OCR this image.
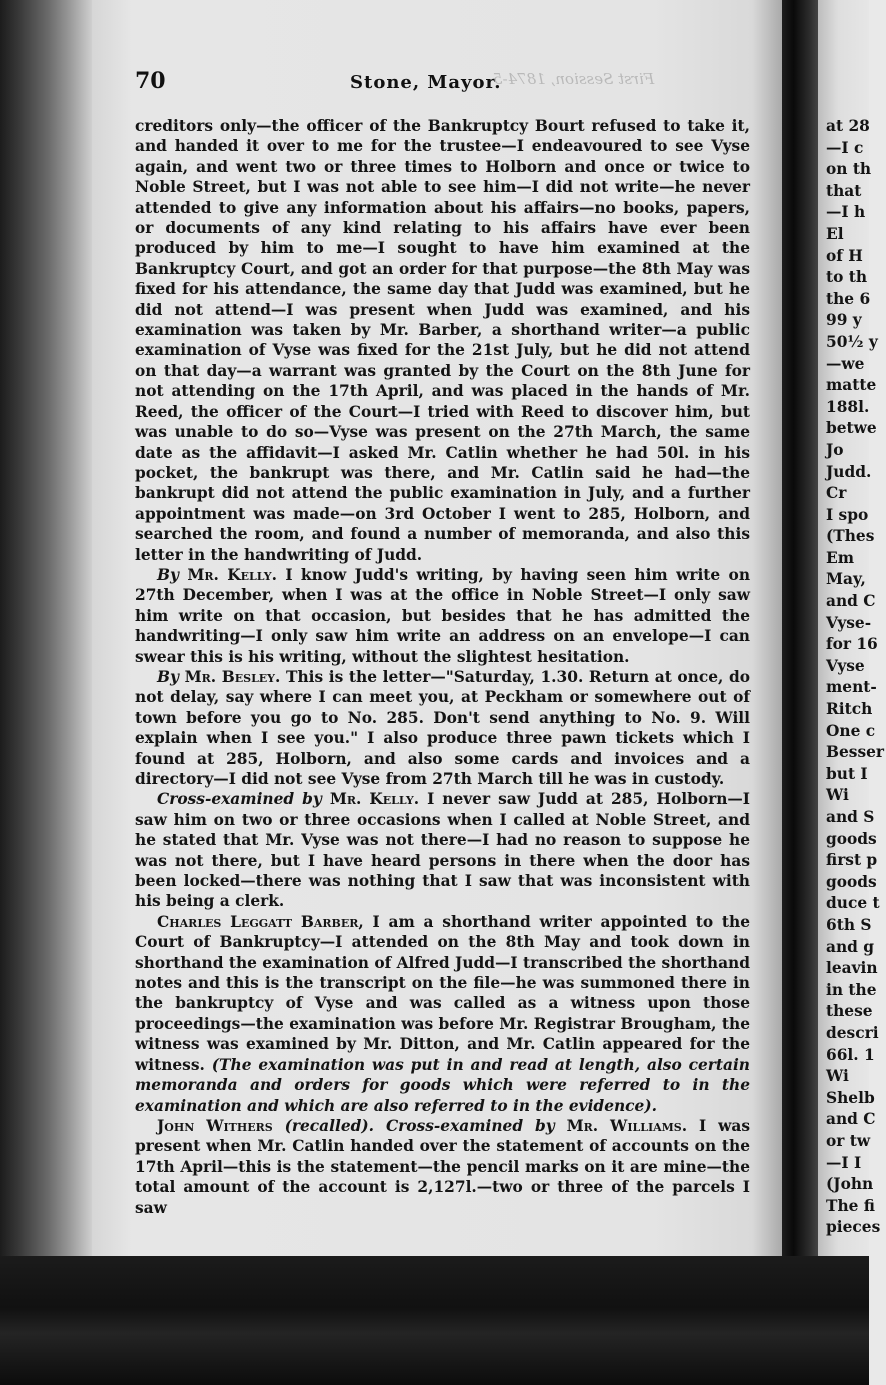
at 28
—I c
on th
that
—I h
El
of H
to th
the 6
99 y
50½ y
—we
matte
188l.
betwe
Jo
Judd.
Cr
I spo
(Thes
Em
May,
and C
Vyse-
for 16
Vyse
ment-
Ritch
One c
Besser
but I
Wi
and S
goods
first p
goods
duce t
6th S
and g
leavin
in the
these
descri
66l. 1
Wi
Shelb
and C
or tw
—I I
(John
The fi
pieces
70	Stone, Mayor.
First Session, 1874-5

creditors only—the officer of the Bankruptcy Bourt refused to take it, and handed it over to me for the trustee—I endeavoured to see Vyse again, and went two or three times to Holborn and once or twice to Noble Street, but I was not able to see him—I did not write—he never attended to give any information about his affairs—no books, papers, or documents of any kind relating to his affairs have ever been produced by him to me—I sought to have him examined at the Bankruptcy Court, and got an order for that purpose—the 8th May was fixed for his attendance, the same day that Judd was examined, but he did not attend—I was present when Judd was examined, and his examination was taken by Mr. Barber, a shorthand writer—a public examination of Vyse was fixed for the 21st July, but he did not attend on that day—a warrant was granted by the Court on the 8th June for not attending on the 17th April, and was placed in the hands of Mr. Reed, the officer of the Court—I tried with Reed to discover him, but was unable to do so—Vyse was present on the 27th March, the same date as the affidavit—I asked Mr. Catlin whether he had 50l. in his pocket, the bankrupt was there, and Mr. Catlin said he had—the bankrupt did not attend the public examination in July, and a further appointment was made—on 3rd October I went to 285, Holborn, and searched the room, and found a number of memoranda, and also this letter in the handwriting of Judd.

By Mr. Kelly. I know Judd's writing, by having seen him write on 27th December, when I was at the office in Noble Street—I only saw him write on that occasion, but besides that he has admitted the handwriting—I only saw him write an address on an envelope—I can swear this is his writing, without the slightest hesitation.

By Mr. Besley. This is the letter—"Saturday, 1.30. Return at once, do not delay, say where I can meet you, at Peckham or somewhere out of town before you go to No. 285. Don't send anything to No. 9. Will explain when I see you." I also produce three pawn tickets which I found at 285, Holborn, and also some cards and invoices and a directory—I did not see Vyse from 27th March till he was in custody.

Cross-examined by Mr. Kelly. I never saw Judd at 285, Holborn—I saw him on two or three occasions when I called at Noble Street, and he stated that Mr. Vyse was not there—I had no reason to suppose he was not there, but I have heard persons in there when the door has been locked—there was nothing that I saw that was inconsistent with his being a clerk.

Charles Leggatt Barber, I am a shorthand writer appointed to the Court of Bankruptcy—I attended on the 8th May and took down in shorthand the examination of Alfred Judd—I transcribed the shorthand notes and this is the transcript on the file—he was summoned there in the bankruptcy of Vyse and was called as a witness upon those proceedings—the examination was before Mr. Registrar Brougham, the witness was examined by Mr. Ditton, and Mr. Catlin appeared for the witness. (The examination was put in and read at length, also certain memoranda and orders for goods which were referred to in the examination and which are also referred to in the evidence).

John Withers (recalled). Cross-examined by Mr. Williams. I was present when Mr. Catlin handed over the statement of accounts on the 17th April—this is the statement—the pencil marks on it are mine—the total amount of the account is 2,127l.—two or three of the parcels I saw
